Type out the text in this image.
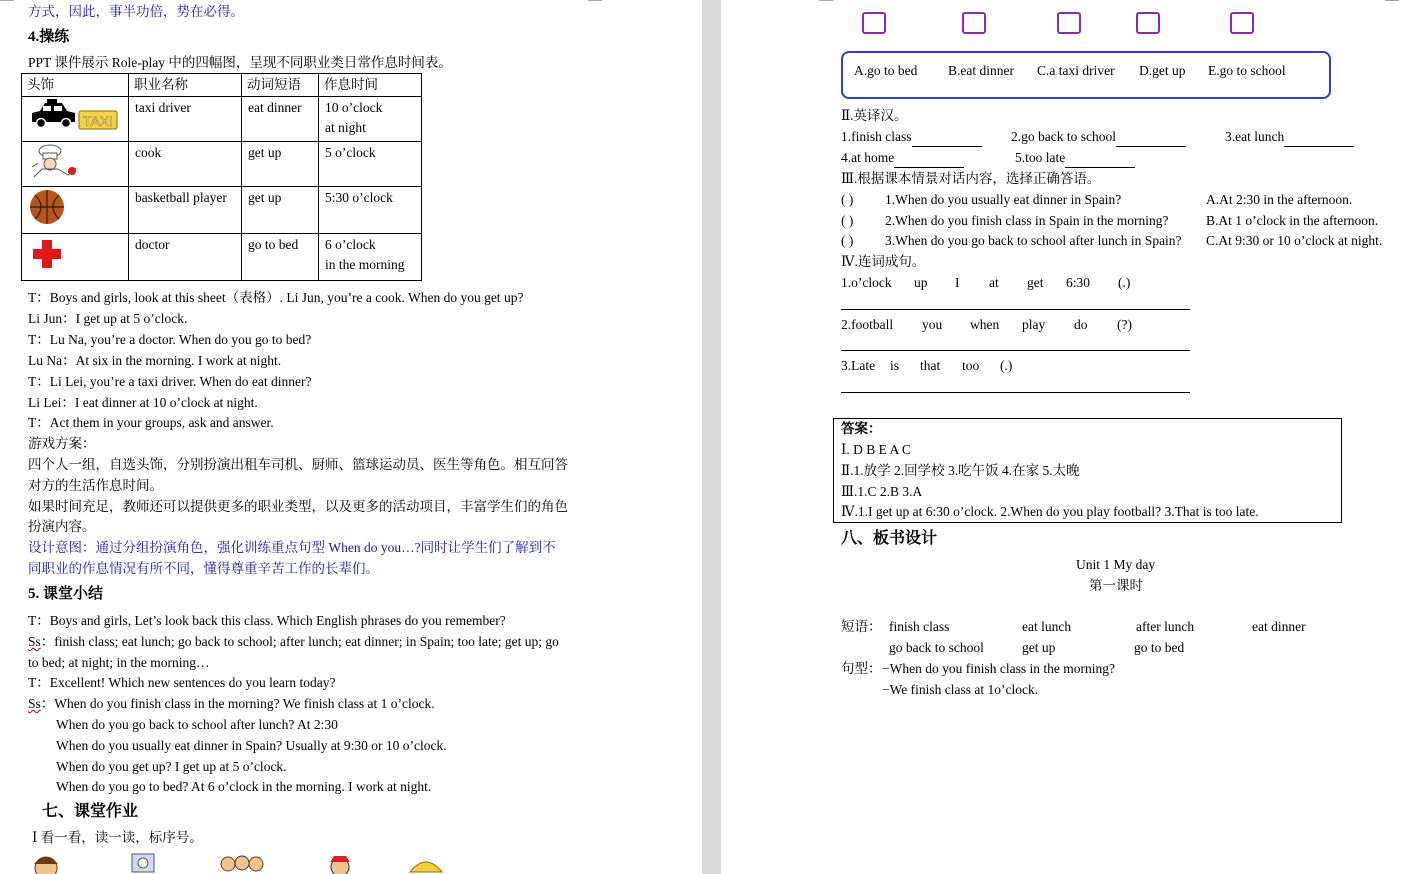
方式，因此，事半功倍，势在必得。
4.操练
PPT 课件展示 Role-play 中的四幅图，呈现不同职业类日常作息时间表。
头饰	职业名称	动词短语	作息时间

TAXI	taxi driver	eat dinner	10 o’clock
at night

	cook	get up	5 o’clock

	basketball player	get up	5:30 o’clock

	doctor	go to bed	6 o’clock
in the morning
T：Boys and girls, look at this sheet（表格）. Li Jun, you’re a cook. When do you get up?
Li Jun：I get up at 5 o’clock.
T：Lu Na, you’re a doctor. When do you go to bed?
Lu Na：At six in the morning. I work at night.
T：Li Lei, you’re a taxi driver. When do eat dinner?
Li Lei：I eat dinner at 10 o’clock at night.
T：Act them in your groups, ask and answer.
游戏方案：
四个人一组，自选头饰，分别扮演出租车司机、厨师、篮球运动员、医生等角色。相互问答
对方的生活作息时间。
如果时间充足，教师还可以提供更多的职业类型，以及更多的活动项目，丰富学生们的角色
扮演内容。
设计意图：通过分组扮演角色，强化训练重点句型 When do you…?同时让学生们了解到不
同职业的作息情况有所不同，懂得尊重辛苦工作的长辈们。
5. 课堂小结
T：Boys and girls, Let’s look back this class. Which English phrases do you remember?
Ss：finish class; eat lunch; go back to school; after lunch; eat dinner; in Spain; too late; get up; go
to bed; at night; in the morning…
T：Excellent! Which new sentences do you learn today?
Ss：When do you finish class in the morning? We finish class at 1 o’clock.
When do you go back to school after lunch? At 2:30
When do you usually eat dinner in Spain? Usually at 9:30 or 10 o’clock.
When do you get up? I get up at 5 o’clock.
When do you go to bed? At 6 o’clock in the morning. I work at night.
七、课堂作业
Ⅰ 看一看，读一读，标序号。
A.go to bed B.eat dinner C.a taxi driver D.get up E.go to school
Ⅱ.英译汉。
1.finish class	2.go back to school	3.eat lunch
4.at home	5.too late
Ⅲ.根据课本情景对话内容，选择正确答语。
( ) 1.When do you usually eat dinner in Spain?	A.At 2:30 in the afternoon.
( ) 2.When do you finish class in Spain in the morning?	B.At 1 o’clock in the afternoon.
( ) 3.When do you go back to school after lunch in Spain? C.At 9:30 or 10 o’clock at night.
Ⅳ.连词成句。
1.o’clock up I at get 6:30 (.)
2.football you when play do (?)
3.Late is that too (.)
答案：
Ⅰ. D B E A C
Ⅱ.1.放学 2.回学校 3.吃午饭 4.在家 5.太晚
Ⅲ.1.C 2.B 3.A
Ⅳ.1.I get up at 6:30 o’clock. 2.When do you play football? 3.That is too late.
八、板书设计
Unit 1 My day
第一课时
短语： finish class	eat lunch	after lunch	eat dinner
go back to school	get up	go to bed
句型： −When do you finish class in the morning?
−We finish class at 1o’clock.
